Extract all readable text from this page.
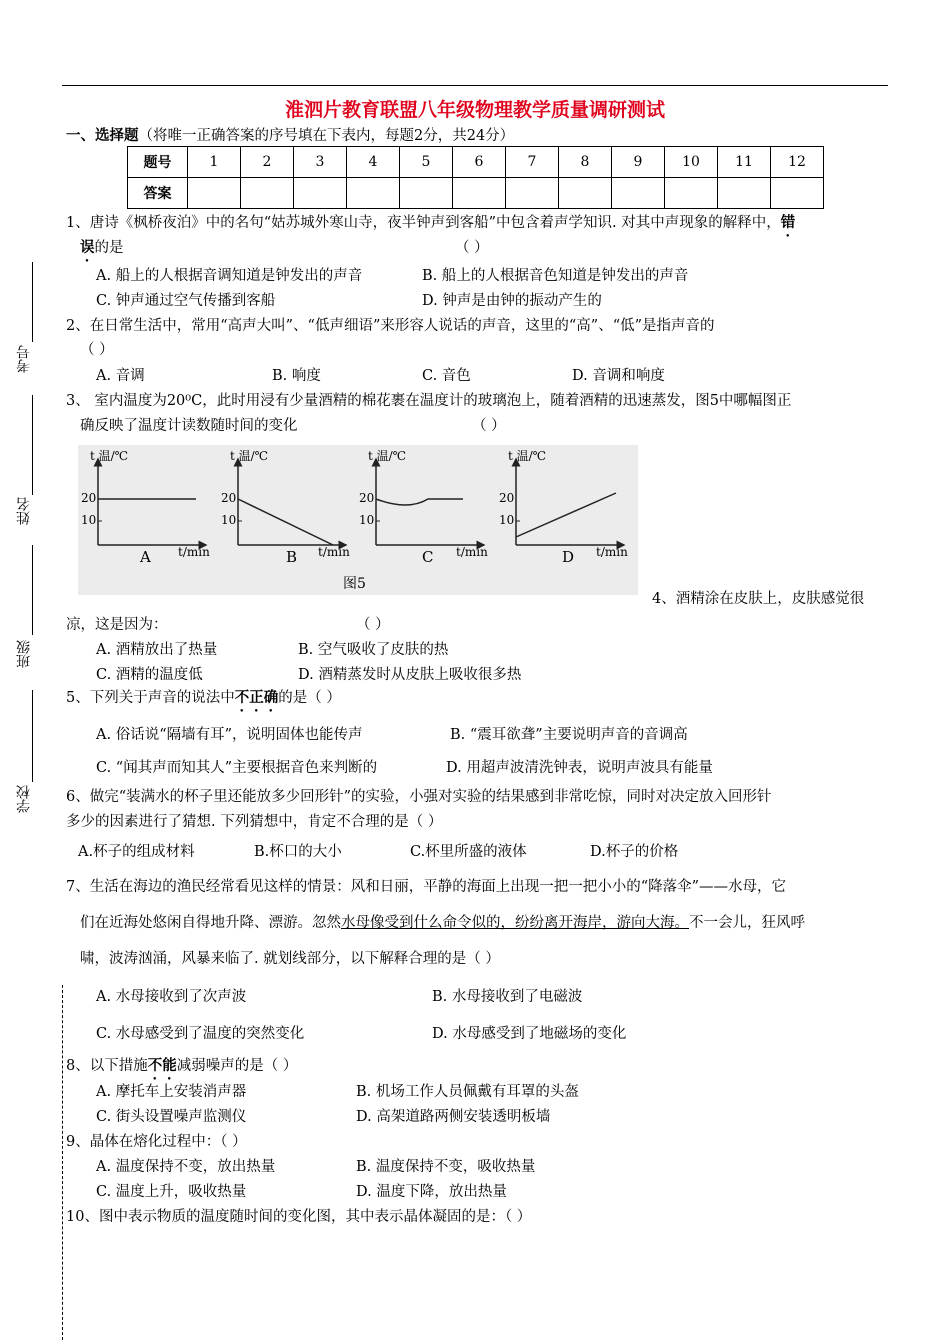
淮泗片教育联盟八年级物理教学质量调研测试
一、选择题（将唯一正确答案的序号填在下表内，每题2分，共24分）
题号	1	2	3	4	5	6	7	8	9	10	11	12
答案												
考号
姓名
班级
学校
1、唐诗《枫桥夜泊》中的名句“姑苏城外寒山寺，夜半钟声到客船”中包含着声学知识. 对其中声现象的解释中，错
误的是	（ ）
A. 船上的人根据音调知道是钟发出的声音	B. 船上的人根据音色知道是钟发出的声音
C. 钟声通过空气传播到客船	D. 钟声是由钟的振动产生的
2、在日常生活中，常用“高声大叫”、“低声细语”来形容人说话的声音，这里的“高”、“低”是指声音的
（ ）
A. 音调	B. 响度	C. 音色	D. 音调和响度
3、 室内温度为20⁰C，此时用浸有少量酒精的棉花裹在温度计的玻璃泡上，随着酒精的迅速蒸发，图5中哪幅图正
确反映了温度计读数随时间的变化	（ ）
t 温/℃	t 温/℃	t 温/℃	t 温/℃
20
10
20
10
20
10
20
10
t/min	t/min	t/min	t/min
A	B	C	D
图5
4、酒精涂在皮肤上，皮肤感觉很
凉，这是因为：	（ ）
A. 酒精放出了热量	B. 空气吸收了皮肤的热
C. 酒精的温度低	D. 酒精蒸发时从皮肤上吸收很多热
5、下列关于声音的说法中不正确的是（ ）
A. 俗话说“隔墙有耳”，说明固体也能传声	B. “震耳欲聋”主要说明声音的音调高
C. “闻其声而知其人”主要根据音色来判断的	D. 用超声波清洗钟表，说明声波具有能量
6、做完“装满水的杯子里还能放多少回形针”的实验，小强对实验的结果感到非常吃惊，同时对决定放入回形针
多少的因素进行了猜想. 下列猜想中，肯定不合理的是（ ）
A.杯子的组成材料	B.杯口的大小	C.杯里所盛的液体	D.杯子的价格
7、生活在海边的渔民经常看见这样的情景：风和日丽，平静的海面上出现一把一把小小的“降落伞”——水母，它
们在近海处悠闲自得地升降、漂游。忽然水母像受到什么命令似的，纷纷离开海岸，游向大海。不一会儿，狂风呼
啸，波涛汹涌，风暴来临了. 就划线部分，以下解释合理的是（ ）
A. 水母接收到了次声波	B. 水母接收到了电磁波
C. 水母感受到了温度的突然变化	D. 水母感受到了地磁场的变化
8、以下措施不能减弱噪声的是（ ）
A. 摩托车上安装消声器	B. 机场工作人员佩戴有耳罩的头盔
C. 街头设置噪声监测仪	D. 高架道路两侧安装透明板墙
9、晶体在熔化过程中：（ ）
A. 温度保持不变，放出热量	B. 温度保持不变，吸收热量
C. 温度上升，吸收热量	D. 温度下降，放出热量
10、图中表示物质的温度随时间的变化图，其中表示晶体凝固的是：（ ）
